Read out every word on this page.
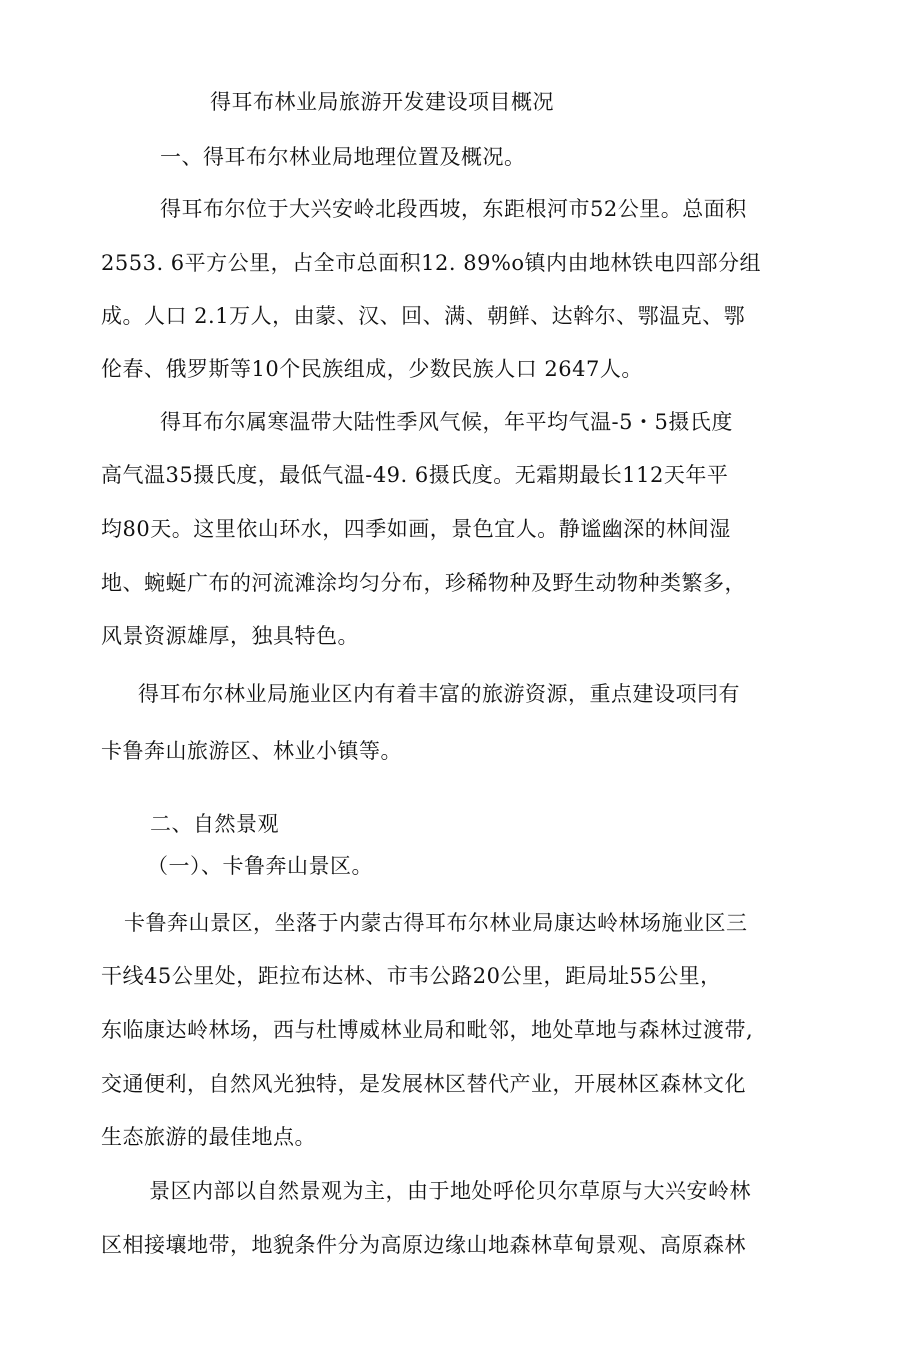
得耳布林业局旅游开发建设项目概况
一、得耳布尔林业局地理位置及概况。
得耳布尔位于大兴安岭北段西坡，东距根河市52公里。总面积
2553. 6平方公里，占全市总面积12. 89%o镇内由地林铁电四部分组
成。人口 2.1万人，由蒙、汉、回、满、朝鲜、达斡尔、鄂温克、鄂
伦春、俄罗斯等10个民族组成，少数民族人口 2647人。
得耳布尔属寒温带大陆性季风气候，年平均气温-5・5摄氏度
高气温35摄氏度，最低气温-49. 6摄氏度。无霜期最长112天年平
均80天。这里依山环水，四季如画，景色宜人。静谧幽深的林间湿
地、蜿蜒广布的河流滩涂均匀分布，珍稀物种及野生动物种类繁多，
风景资源雄厚，独具特色。
得耳布尔林业局施业区内有着丰富的旅游资源，重点建设项冃有
卡鲁奔山旅游区、林业小镇等。
二、自然景观
（一）、卡鲁奔山景区。
卡鲁奔山景区，坐落于内蒙古得耳布尔林业局康达岭林场施业区三
干线45公里处，距拉布达林、市韦公路20公里，距局址55公里，
东临康达岭林场，西与杜博威林业局和毗邻，地处草地与森林过渡带,
交通便利，自然风光独特，是发展林区替代产业，开展林区森林文化
生态旅游的最佳地点。
景区内部以自然景观为主，由于地处呼伦贝尔草原与大兴安岭林
区相接壤地带，地貌条件分为高原边缘山地森林草甸景观、高原森林
